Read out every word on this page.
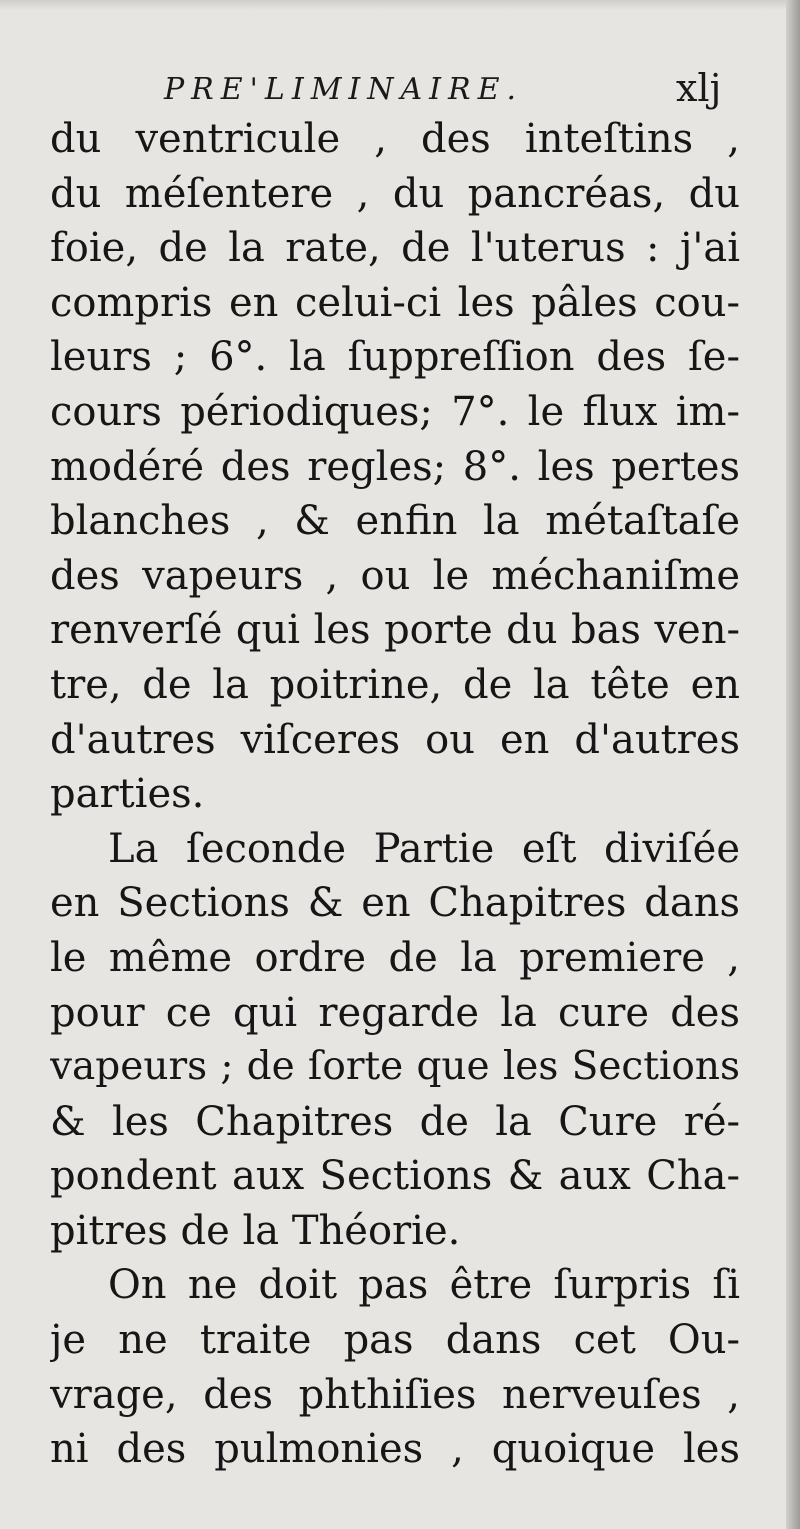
PRE'LIMINAIRE.	xlj
du ventricule , des inteſtins ,
du méſentere , du pancréas, du
foie, de la rate, de l'uterus : j'ai
compris en celui-ci les pâles cou-
leurs ; 6°. la ſuppreſſion des ſe-
cours périodiques; 7°. le flux im-
modéré des regles; 8°. les pertes
blanches , & enfin la métaſtaſe
des vapeurs , ou le méchaniſme
renverſé qui les porte du bas ven-
tre, de la poitrine, de la tête en
d'autres viſceres ou en d'autres
parties.
La ſeconde Partie eſt diviſée
en Sections & en Chapitres dans
le même ordre de la premiere ,
pour ce qui regarde la cure des
vapeurs ; de ſorte que les Sections
& les Chapitres de la Cure ré-
pondent aux Sections & aux Cha-
pitres de la Théorie.
On ne doit pas être ſurpris ſi
je ne traite pas dans cet Ou-
vrage, des phthiſies nerveuſes ,
ni des pulmonies , quoique les
